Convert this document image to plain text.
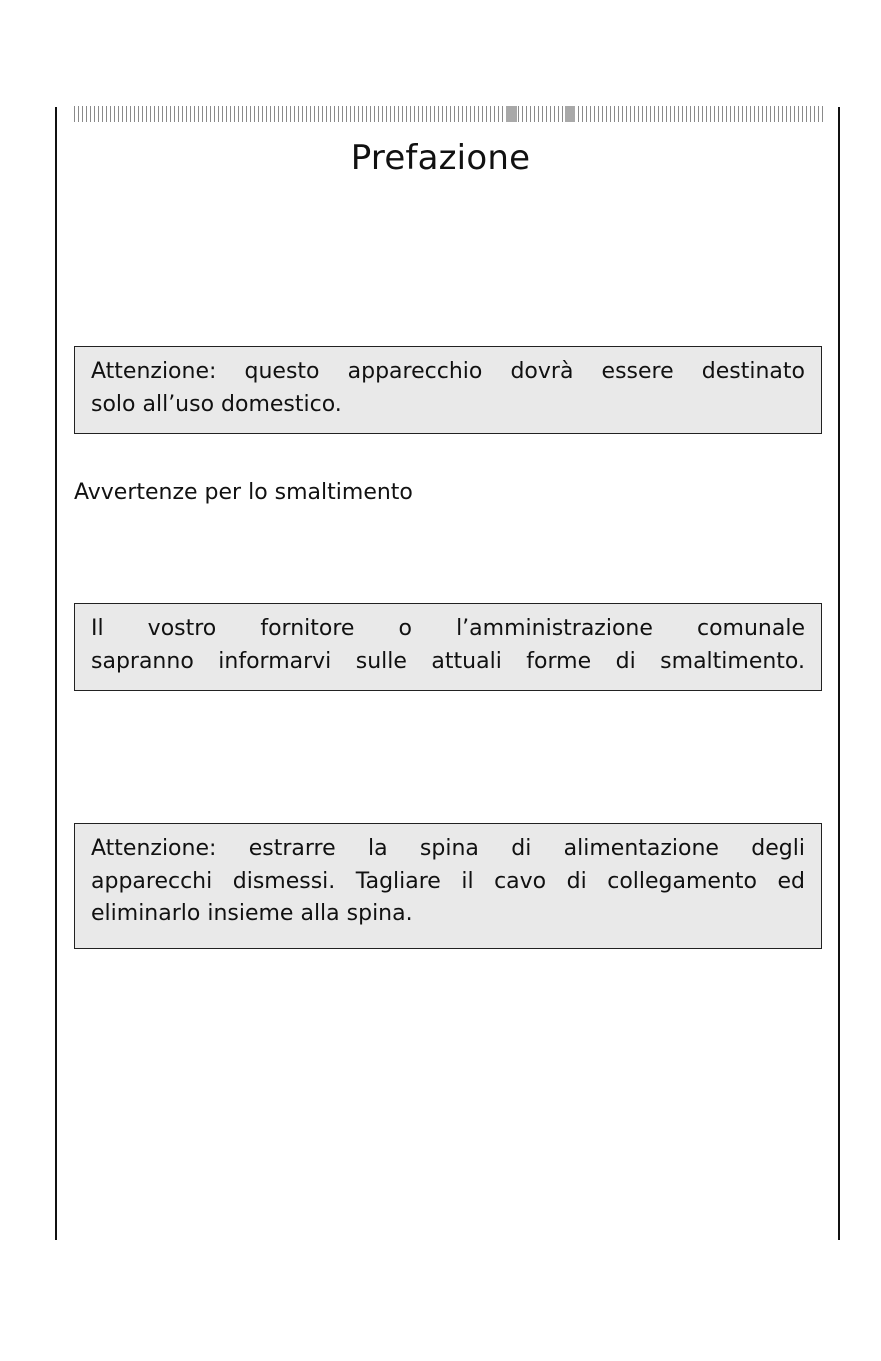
Prefazione
Attenzione: questo apparecchio dovrà essere destinato
solo all’uso domestico.
Avvertenze per lo smaltimento
Il vostro fornitore o l’amministrazione comunale
sapranno informarvi sulle attuali forme di smaltimento.
Attenzione: estrarre la spina di alimentazione degli
apparecchi dismessi. Tagliare il cavo di collegamento ed
eliminarlo insieme alla spina.
